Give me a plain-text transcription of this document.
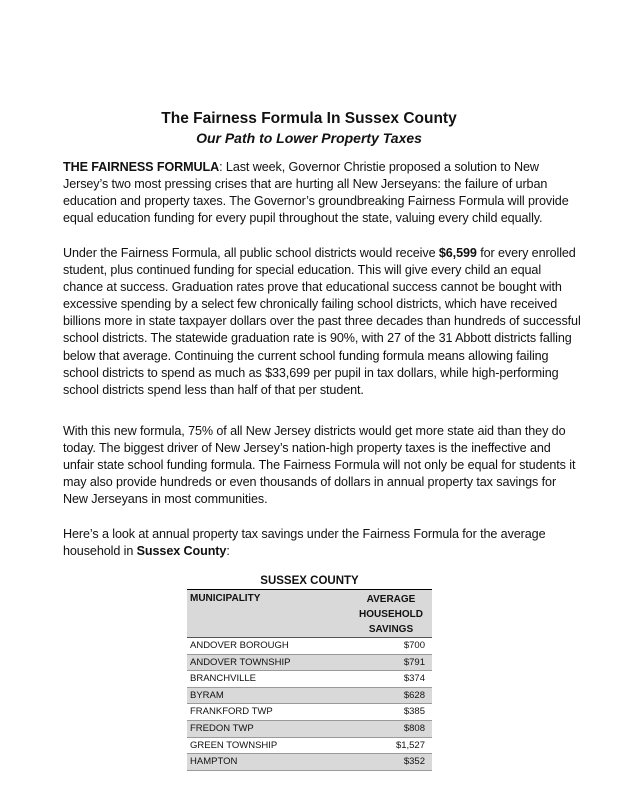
The Fairness Formula In Sussex County
Our Path to Lower Property Taxes

THE FAIRNESS FORMULA: Last week, Governor Christie proposed a solution to New Jersey’s two most pressing crises that are hurting all New Jerseyans: the failure of urban education and property taxes. The Governor’s groundbreaking Fairness Formula will provide equal education funding for every pupil throughout the state, valuing every child equally.

Under the Fairness Formula, all public school districts would receive $6,599 for every enrolled student, plus continued funding for special education. This will give every child an equal chance at success. Graduation rates prove that educational success cannot be bought with excessive spending by a select few chronically failing school districts, which have received billions more in state taxpayer dollars over the past three decades than hundreds of successful school districts. The statewide graduation rate is 90%, with 27 of the 31 Abbott districts falling below that average. Continuing the current school funding formula means allowing failing school districts to spend as much as $33,699 per pupil in tax dollars, while high-performing school districts spend less than half of that per student.

With this new formula, 75% of all New Jersey districts would get more state aid than they do today. The biggest driver of New Jersey’s nation-high property taxes is the ineffective and unfair state school funding formula. The Fairness Formula will not only be equal for students it may also provide hundreds or even thousands of dollars in annual property tax savings for New Jerseyans in most communities.

Here’s a look at annual property tax savings under the Fairness Formula for the average household in Sussex County:

SUSSEX COUNTY
MUNICIPALITY	AVERAGE HOUSEHOLD SAVINGS
ANDOVER BOROUGH	$700
ANDOVER TOWNSHIP	$791
BRANCHVILLE	$374
BYRAM	$628
FRANKFORD TWP	$385
FREDON TWP	$808
GREEN TOWNSHIP	$1,527
HAMPTON	$352
